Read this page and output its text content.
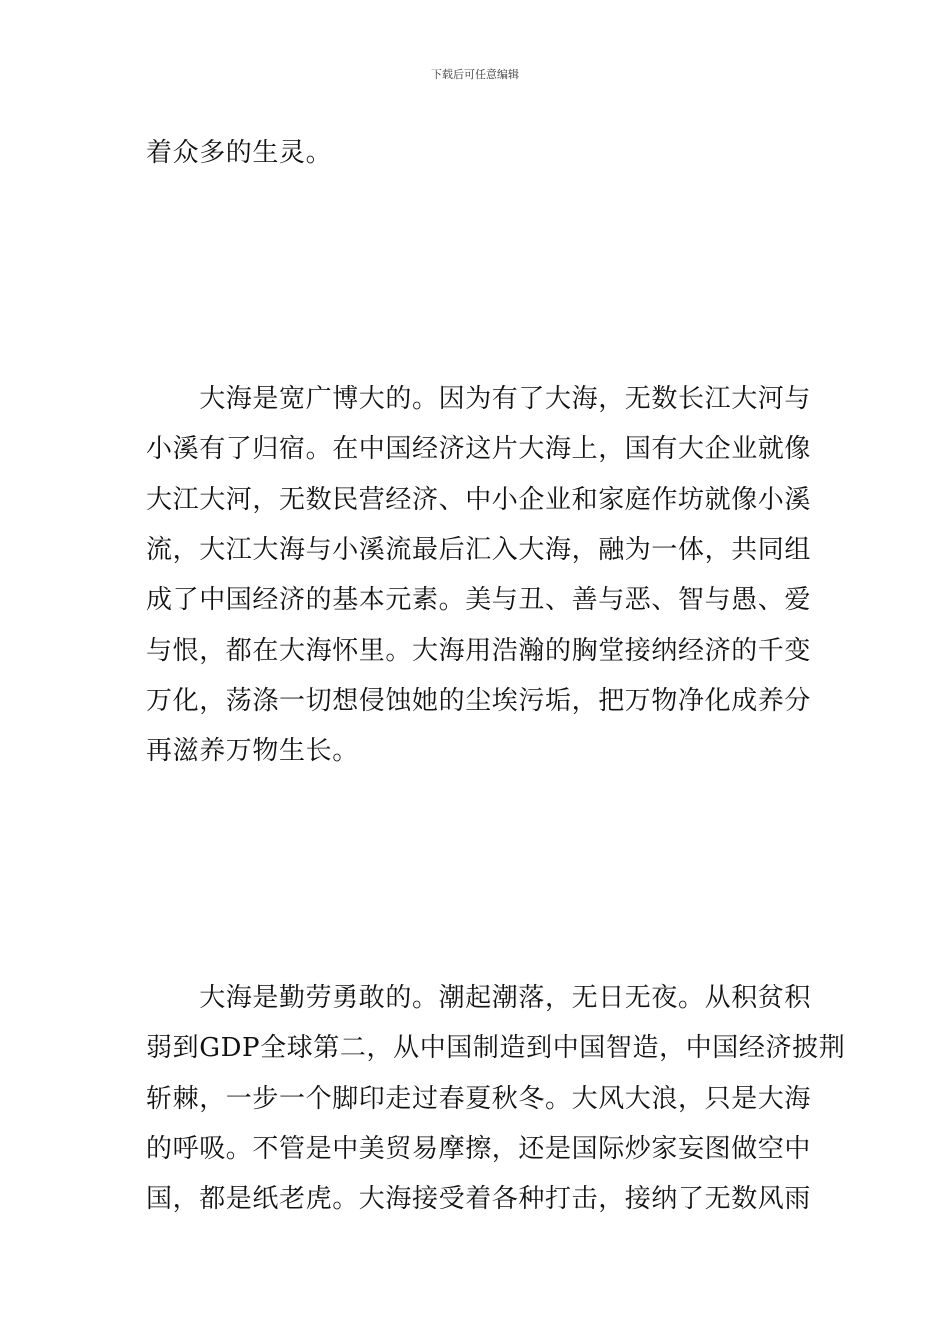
下载后可任意编辑
着众多的生灵。
　　大海是宽广博大的。因为有了大海，无数长江大河与
小溪有了归宿。在中国经济这片大海上，国有大企业就像
大江大河，无数民营经济、中小企业和家庭作坊就像小溪
流，大江大海与小溪流最后汇入大海，融为一体，共同组
成了中国经济的基本元素。美与丑、善与恶、智与愚、爱
与恨，都在大海怀里。大海用浩瀚的胸堂接纳经济的千变
万化，荡涤一切想侵蚀她的尘埃污垢，把万物净化成养分
再滋养万物生长。
　　大海是勤劳勇敢的。潮起潮落，无日无夜。从积贫积
弱到GDP全球第二，从中国制造到中国智造，中国经济披荆
斩棘，一步一个脚印走过春夏秋冬。大风大浪，只是大海
的呼吸。不管是中美贸易摩擦，还是国际炒家妄图做空中
国，都是纸老虎。大海接受着各种打击，接纳了无数风雨
